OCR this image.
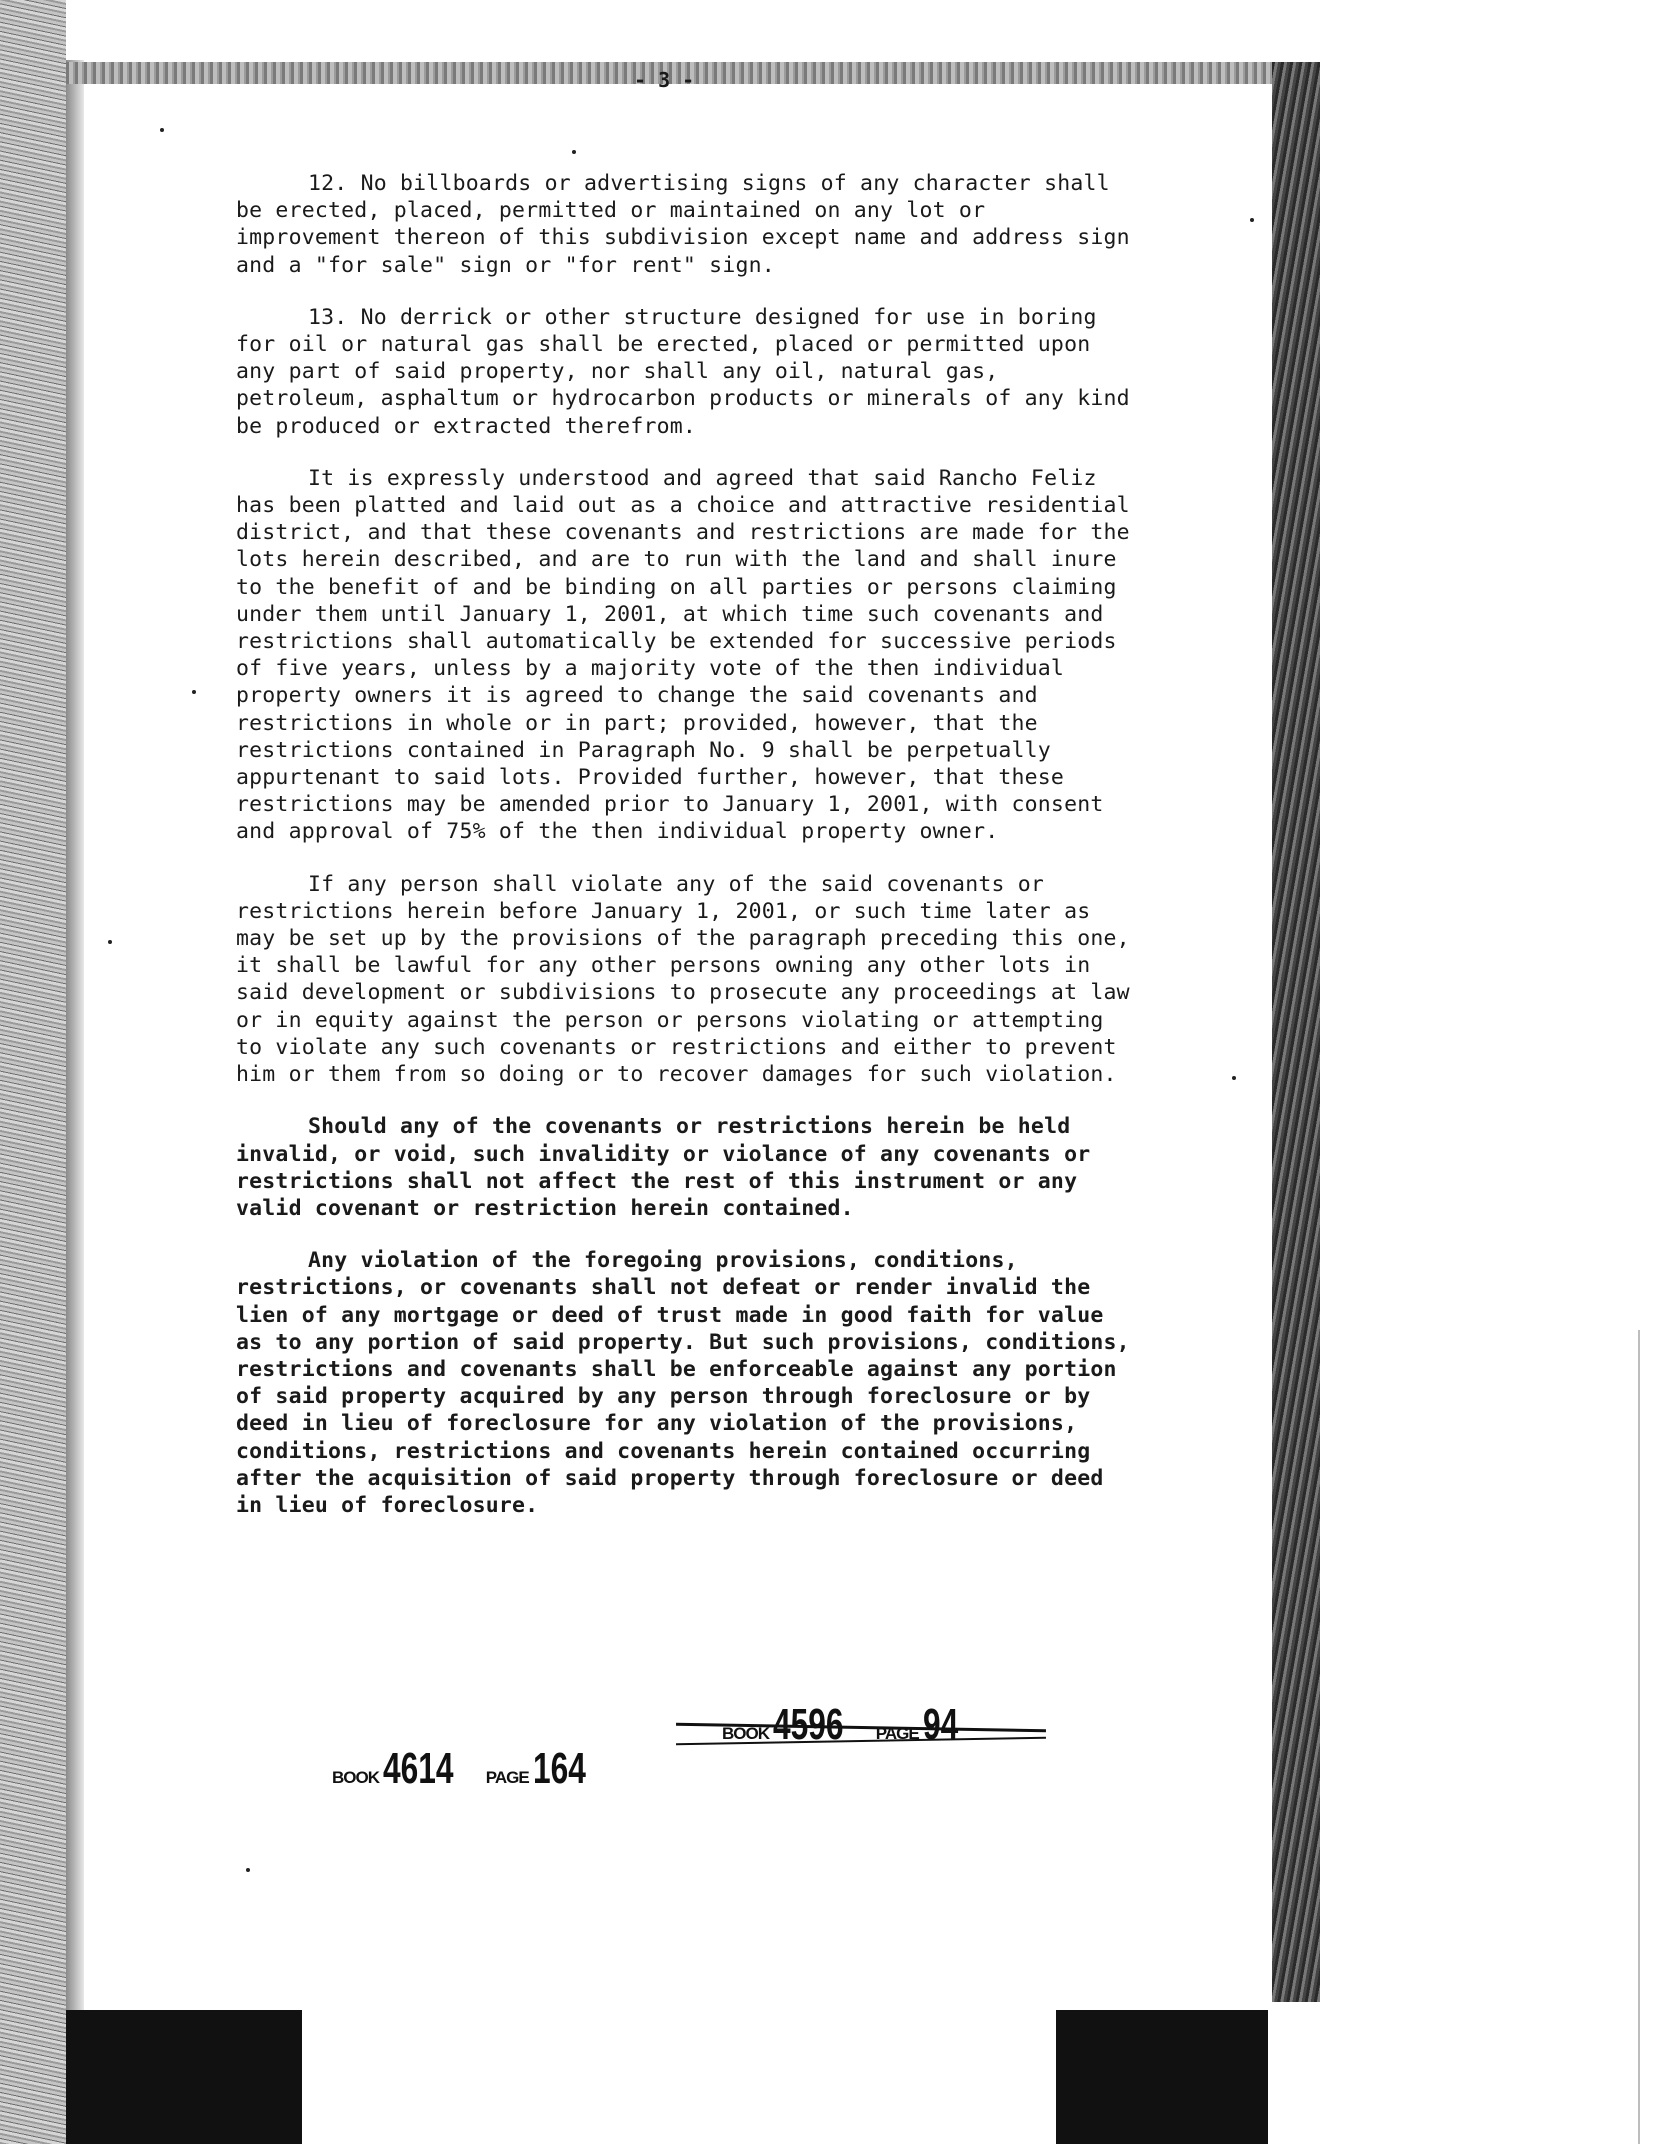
- 3 -

12. No billboards or advertising signs of any character shall be erected, placed, permitted or maintained on any lot or improvement thereon of this subdivision except name and address sign and a "for sale" sign or "for rent" sign.

13. No derrick or other structure designed for use in boring for oil or natural gas shall be erected, placed or permitted upon any part of said property, nor shall any oil, natural gas, petroleum, asphaltum or hydrocarbon products or minerals of any kind be produced or extracted therefrom.

It is expressly understood and agreed that said Rancho Feliz has been platted and laid out as a choice and attractive residential district, and that these covenants and restrictions are made for the lots herein described, and are to run with the land and shall inure to the benefit of and be binding on all parties or persons claiming under them until January 1, 2001, at which time such covenants and restrictions shall automatically be extended for successive periods of five years, unless by a majority vote of the then individual property owners it is agreed to change the said covenants and restrictions in whole or in part; provided, however, that the restrictions contained in Paragraph No. 9 shall be perpetually appurtenant to said lots. Provided further, however, that these restrictions may be amended prior to January 1, 2001, with consent and approval of 75% of the then individual property owner.

If any person shall violate any of the said covenants or restrictions herein before January 1, 2001, or such time later as may be set up by the provisions of the paragraph preceding this one, it shall be lawful for any other persons owning any other lots in said development or subdivisions to prosecute any proceedings at law or in equity against the person or persons violating or attempting to violate any such covenants or restrictions and either to prevent him or them from so doing or to recover damages for such violation.

Should any of the covenants or restrictions herein be held invalid, or void, such invalidity or violance of any covenants or restrictions shall not affect the rest of this instrument or any valid covenant or restriction herein contained.

Any violation of the foregoing provisions, conditions, restrictions, or covenants shall not defeat or render invalid the lien of any mortgage or deed of trust made in good faith for value as to any portion of said property. But such provisions, conditions, restrictions and covenants shall be enforceable against any portion of said property acquired by any person through foreclosure or by deed in lieu of foreclosure for any violation of the provisions, conditions, restrictions and covenants herein contained occurring after the acquisition of said property through foreclosure or deed in lieu of foreclosure.

BOOK 4596 PAGE 94
BOOK 4614 PAGE 164
